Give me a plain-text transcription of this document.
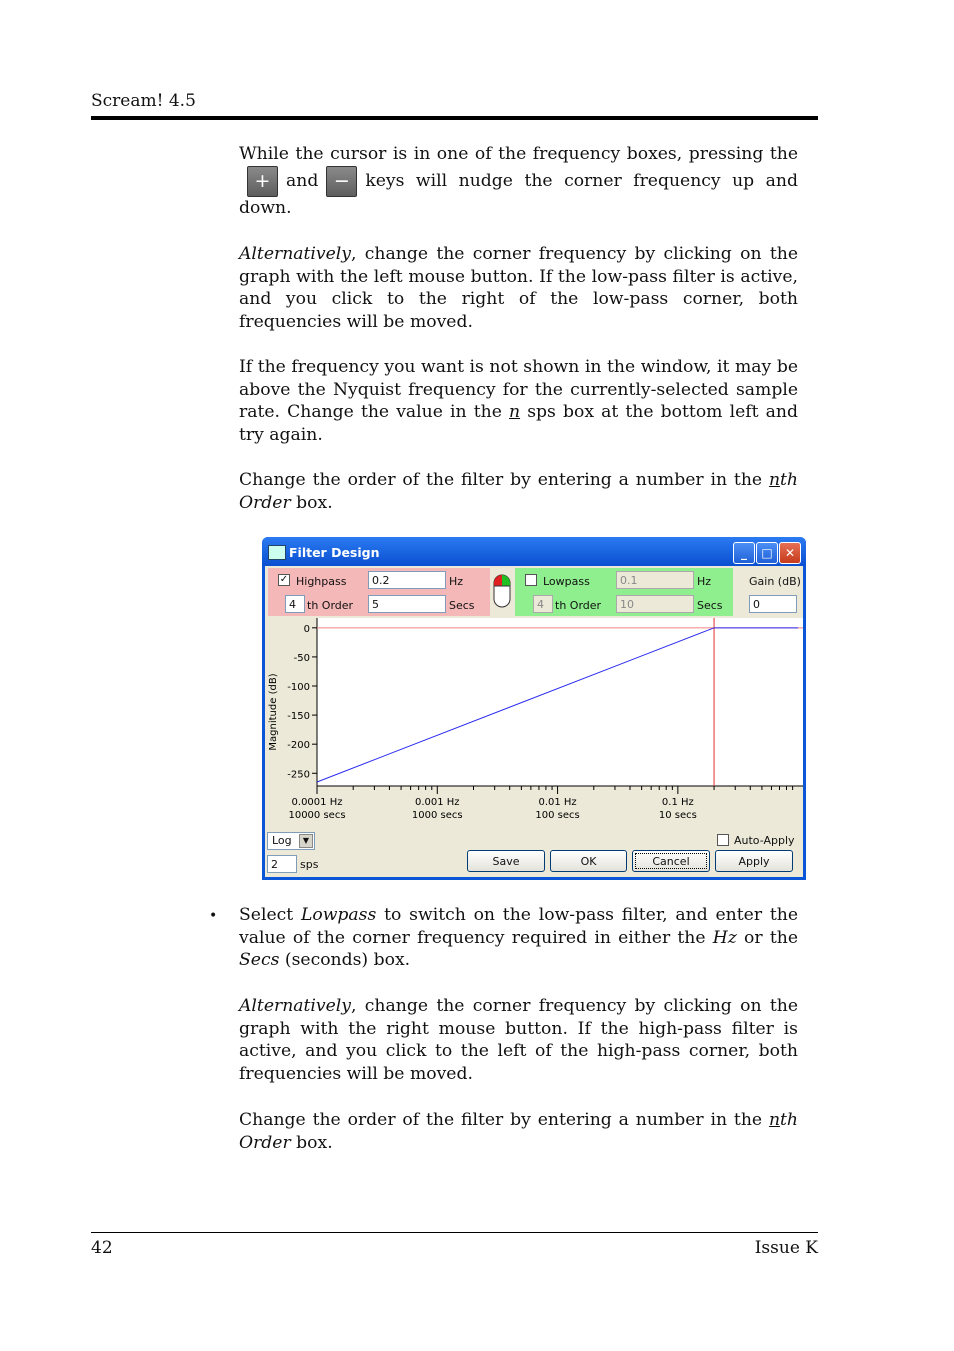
Scream! 4.5

While the cursor is in one of the frequency boxes, pressing the + and − keys will nudge the corner frequency up and down.

Alternatively, change the corner frequency by clicking on the graph with the left mouse button. If the low-pass filter is active, and you click to the right of the low-pass corner, both frequencies will be moved.

If the frequency you want is not shown in the window, it may be above the Nyquist frequency for the currently-selected sample rate. Change the value in the n sps box at the bottom left and try again.

Change the order of the filter by entering a number in the nth Order box.

Filter Design	_	□	✕
✓ Highpass	0.2	Hz
4	th Order	5	Secs
Lowpass	0.1	Hz
4	th Order	10	Secs
Gain (dB)
0
Magnitude (dB)
0
-50
-100
-150
-200
-250
0.0001 Hz
10000 secs
0.001 Hz
1000 secs
0.01 Hz
100 secs
0.1 Hz
10 secs
Log	▼
2	sps
Auto-Apply
Save	OK	Cancel	Apply
• Select Lowpass to switch on the low-pass filter, and enter the value of the corner frequency required in either the Hz or the Secs (seconds) box.

Alternatively, change the corner frequency by clicking on the graph with the right mouse button. If the high-pass filter is active, and you click to the left of the high-pass corner, both frequencies will be moved.

Change the order of the filter by entering a number in the nth Order box.

42	Issue K
